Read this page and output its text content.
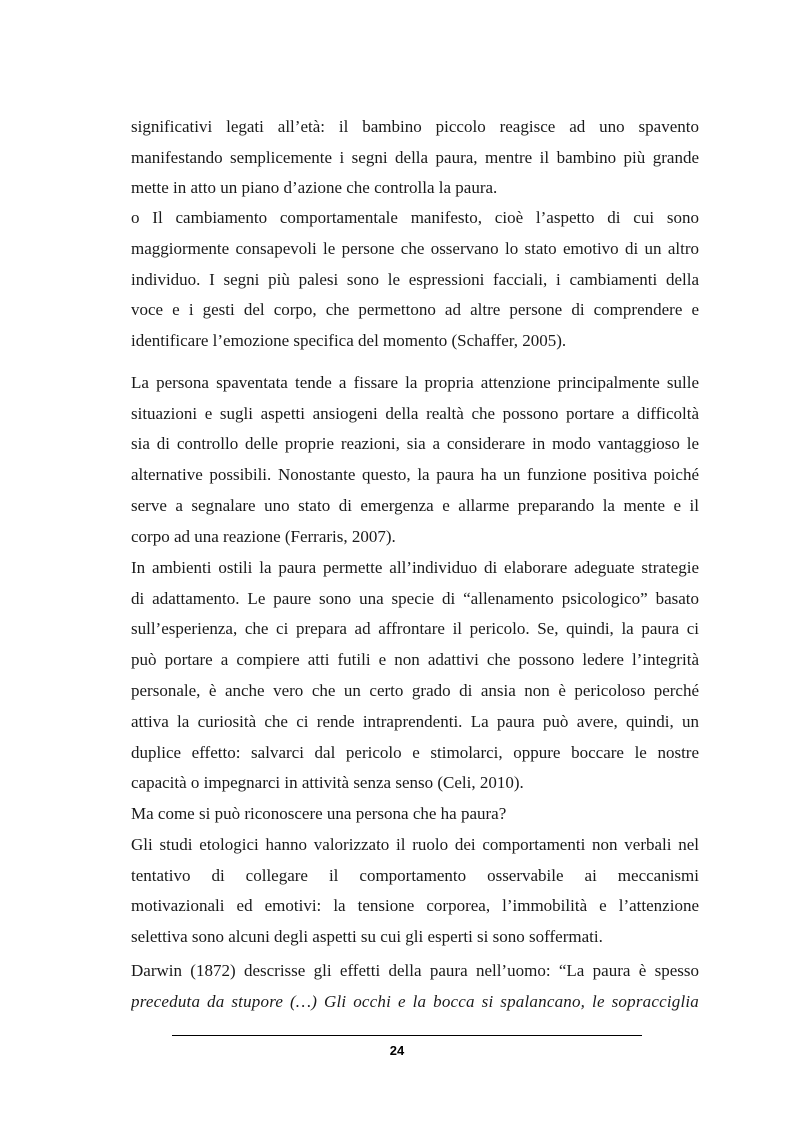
significativi legati all’età: il bambino piccolo reagisce ad uno spavento
manifestando semplicemente i segni della paura, mentre il bambino più grande
mette in atto un piano d’azione che controlla la paura.
o Il cambiamento comportamentale manifesto, cioè l’aspetto di cui sono
maggiormente consapevoli le persone che osservano lo stato emotivo di un altro
individuo. I segni più palesi sono le espressioni facciali, i cambiamenti della
voce e i gesti del corpo, che permettono ad altre persone di comprendere e
identificare l’emozione specifica del momento (Schaffer, 2005).
La persona spaventata tende a fissare la propria attenzione principalmente sulle
situazioni e sugli aspetti ansiogeni della realtà che possono portare a difficoltà
sia di controllo delle proprie reazioni, sia a considerare in modo vantaggioso le
alternative possibili. Nonostante questo, la paura ha un funzione positiva poiché
serve a segnalare uno stato di emergenza e allarme preparando la mente e il
corpo ad una reazione (Ferraris, 2007).
In ambienti ostili la paura permette all’individuo di elaborare adeguate strategie
di adattamento. Le paure sono una specie di “allenamento psicologico” basato
sull’esperienza, che ci prepara ad affrontare il pericolo. Se, quindi, la paura ci
può portare a compiere atti futili e non adattivi che possono ledere l’integrità
personale, è anche vero che un certo grado di ansia non è pericoloso perché
attiva la curiosità che ci rende intraprendenti. La paura può avere, quindi, un
duplice effetto: salvarci dal pericolo e stimolarci, oppure boccare le nostre
capacità o impegnarci in attività senza senso (Celi, 2010).
Ma come si può riconoscere una persona che ha paura?
Gli studi etologici hanno valorizzato il ruolo dei comportamenti non verbali nel
tentativo di collegare il comportamento osservabile ai meccanismi
motivazionali ed emotivi: la tensione corporea, l’immobilità e l’attenzione
selettiva sono alcuni degli aspetti su cui gli esperti si sono soffermati.
Darwin (1872) descrisse gli effetti della paura nell’uomo: “La paura è spesso
preceduta da stupore (…) Gli occhi e la bocca si spalancano, le sopracciglia
24
